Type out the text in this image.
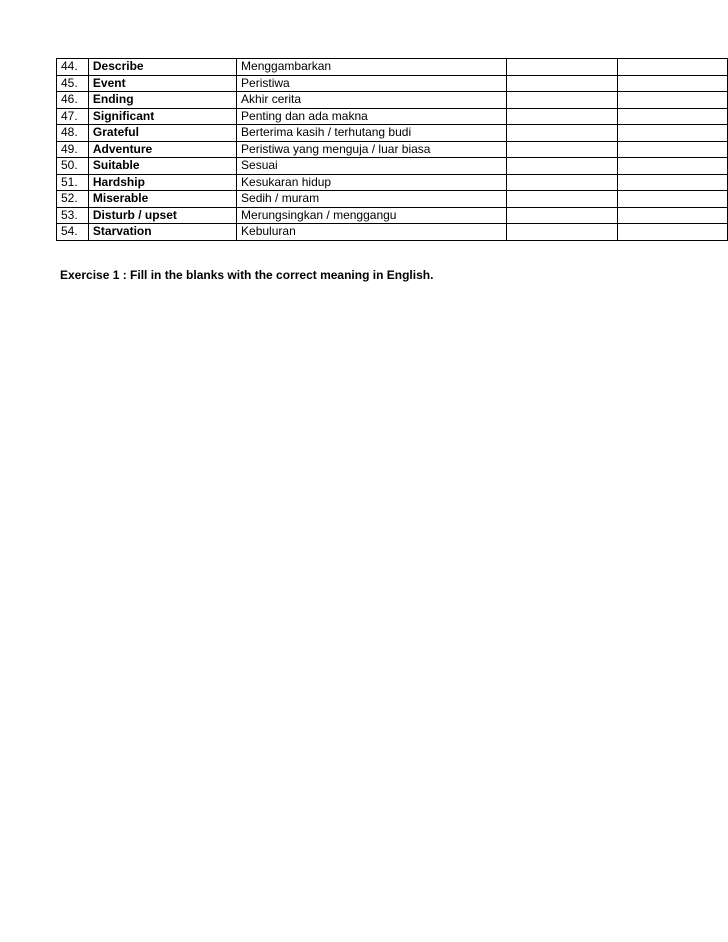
44.	Describe	Menggambarkan		
45.	Event	Peristiwa		
46.	Ending	Akhir cerita		
47.	Significant	Penting dan ada makna		
48.	Grateful	Berterima kasih / terhutang budi		
49.	Adventure	Peristiwa yang menguja / luar biasa		
50.	Suitable	Sesuai		
51.	Hardship	Kesukaran hidup		
52.	Miserable	Sedih / muram		
53.	Disturb / upset	Merungsingkan / menggangu		
54.	Starvation	Kebuluran		
Exercise 1 : Fill in the blanks with the correct meaning in English.
